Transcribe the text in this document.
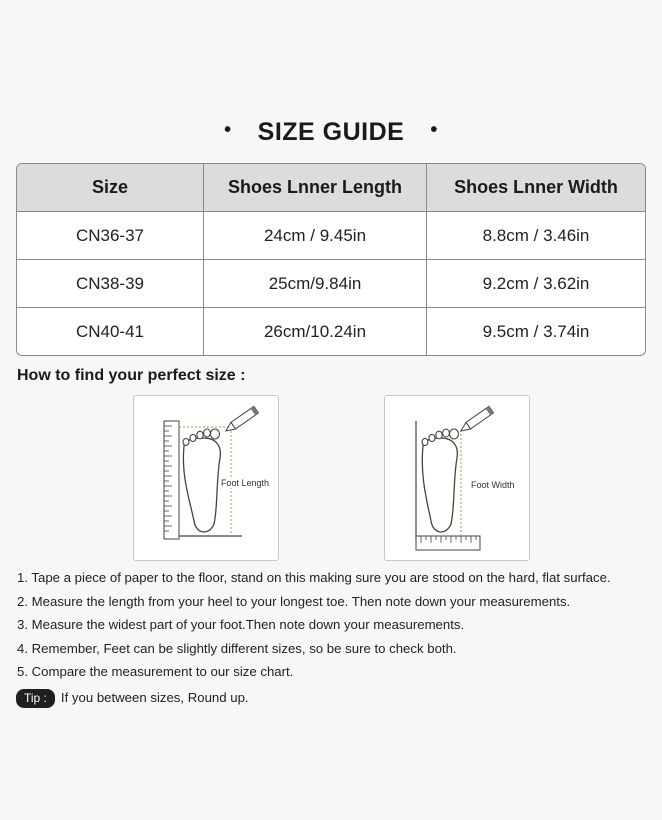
• SIZE GUIDE •
Size	Shoes Lnner Length	Shoes Lnner Width
CN36-37	24cm / 9.45in	8.8cm / 3.46in
CN38-39	25cm/9.84in	9.2cm / 3.62in
CN40-41	26cm/10.24in	9.5cm / 3.74in
How to find your perfect size :
Foot Length	Foot Width
1. Tape a piece of paper to the floor, stand on this making sure you are stood on the hard, flat surface.
2. Measure the length from your heel to your longest toe. Then note down your measurements.
3. Measure the widest part of your foot.Then note down your measurements.
4. Remember, Feet can be slightly different sizes, so be sure to check both.
5. Compare the measurement to our size chart.
Tip : If you between sizes, Round up.
